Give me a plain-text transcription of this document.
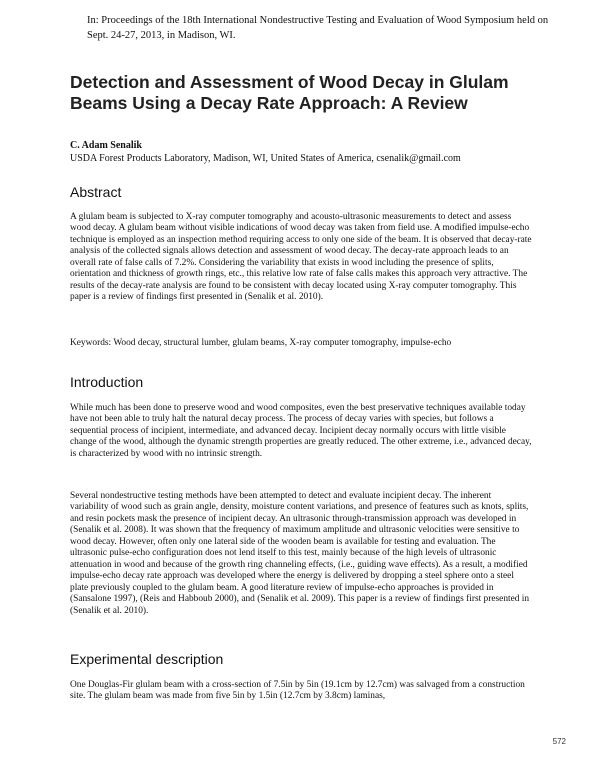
In: Proceedings of the 18th International Nondestructive Testing and Evaluation of Wood Symposium held on Sept. 24-27, 2013, in Madison, WI.
Detection and Assessment of Wood Decay in Glulam Beams Using a Decay Rate Approach: A Review
C. Adam Senalik
USDA Forest Products Laboratory, Madison, WI, United States of America, csenalik@gmail.com
Abstract

A glulam beam is subjected to X-ray computer tomography and acousto-ultrasonic measurements to detect and assess wood decay. A glulam beam without visible indications of wood decay was taken from field use. A modified impulse-echo technique is employed as an inspection method requiring access to only one side of the beam. It is observed that decay-rate analysis of the collected signals allows detection and assessment of wood decay. The decay-rate approach leads to an overall rate of false calls of 7.2%. Considering the variability that exists in wood including the presence of splits, orientation and thickness of growth rings, etc., this relative low rate of false calls makes this approach very attractive. The results of the decay-rate analysis are found to be consistent with decay located using X-ray computer tomography. This paper is a review of findings first presented in (Senalik et al. 2010).

Keywords: Wood decay, structural lumber, glulam beams, X-ray computer tomography, impulse-echo

Introduction

While much has been done to preserve wood and wood composites, even the best preservative techniques available today have not been able to truly halt the natural decay process. The process of decay varies with species, but follows a sequential process of incipient, intermediate, and advanced decay. Incipient decay normally occurs with little visible change of the wood, although the dynamic strength properties are greatly reduced. The other extreme, i.e., advanced decay, is characterized by wood with no intrinsic strength.

Several nondestructive testing methods have been attempted to detect and evaluate incipient decay. The inherent variability of wood such as grain angle, density, moisture content variations, and presence of features such as knots, splits, and resin pockets mask the presence of incipient decay. An ultrasonic through-transmission approach was developed in (Senalik et al. 2008). It was shown that the frequency of maximum amplitude and ultrasonic velocities were sensitive to wood decay. However, often only one lateral side of the wooden beam is available for testing and evaluation. The ultrasonic pulse-echo configuration does not lend itself to this test, mainly because of the high levels of ultrasonic attenuation in wood and because of the growth ring channeling effects, (i.e., guiding wave effects). As a result, a modified impulse-echo decay rate approach was developed where the energy is delivered by dropping a steel sphere onto a steel plate previously coupled to the glulam beam. A good literature review of impulse-echo approaches is provided in (Sansalone 1997), (Reis and Habboub 2000), and (Senalik et al. 2009). This paper is a review of findings first presented in (Senalik et al. 2010).

Experimental description

One Douglas-Fir glulam beam with a cross-section of 7.5in by 5in (19.1cm by 12.7cm) was salvaged from a construction site. The glulam beam was made from five 5in by 1.5in (12.7cm by 3.8cm) laminas,

572
